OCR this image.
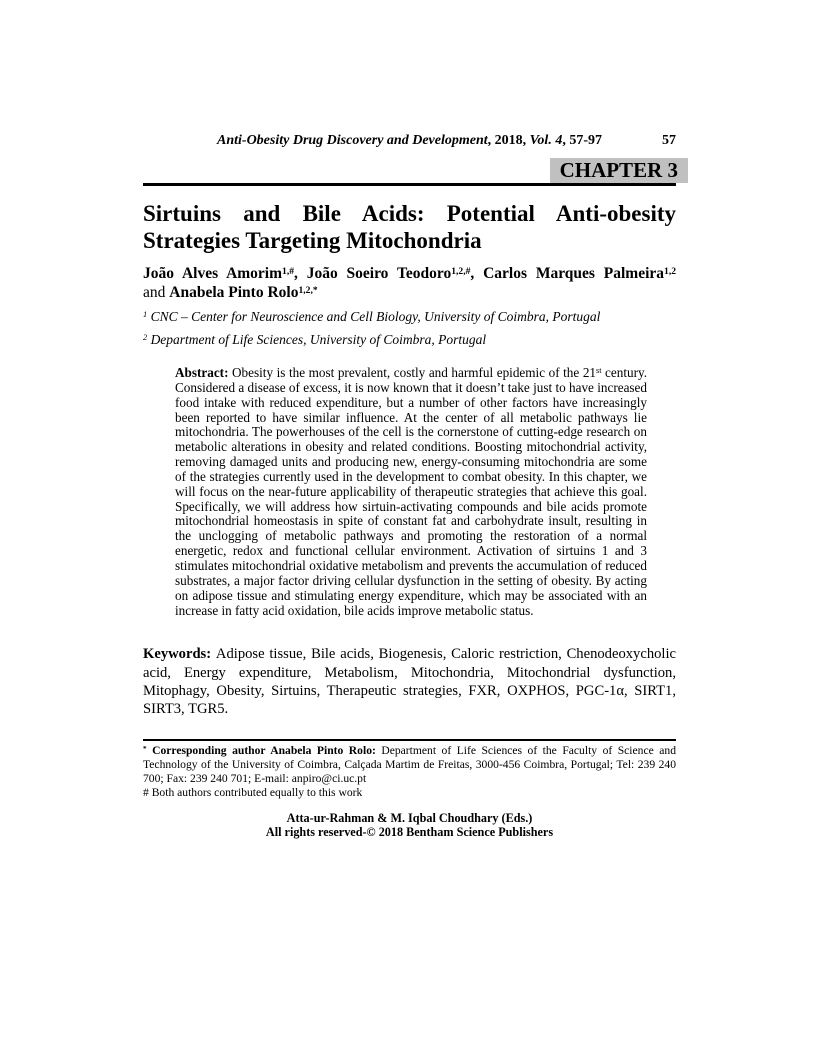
Anti-Obesity Drug Discovery and Development, 2018, Vol. 4, 57-97	57
CHAPTER 3
Sirtuins and Bile Acids: Potential Anti-obesity
Strategies Targeting Mitochondria
João Alves Amorim$^{1,\#}$, João Soeiro Teodoro$^{1,2,\#}$, Carlos Marques Palmeira$^{1,2}$
and Anabela Pinto Rolo$^{1,2,*}$
$^1$ CNC – Center for Neuroscience and Cell Biology, University of Coimbra, Portugal
$^2$ Department of Life Sciences, University of Coimbra, Portugal

Abstract: Obesity is the most prevalent, costly and harmful epidemic of the 21st century. Considered a disease of excess, it is now known that it doesn’t take just to have increased food intake with reduced expenditure, but a number of other factors have increasingly been reported to have similar influence. At the center of all metabolic pathways lie mitochondria. The powerhouses of the cell is the cornerstone of cutting-edge research on metabolic alterations in obesity and related conditions. Boosting mitochondrial activity, removing damaged units and producing new, energy-consuming mitochondria are some of the strategies currently used in the development to combat obesity. In this chapter, we will focus on the near-future applicability of therapeutic strategies that achieve this goal. Specifically, we will address how sirtuin-activating compounds and bile acids promote mitochondrial homeostasis in spite of constant fat and carbohydrate insult, resulting in the unclogging of metabolic pathways and promoting the restoration of a normal energetic, redox and functional cellular environment. Activation of sirtuins 1 and 3 stimulates mitochondrial oxidative metabolism and prevents the accumulation of reduced substrates, a major factor driving cellular dysfunction in the setting of obesity. By acting on adipose tissue and stimulating energy expenditure, which may be associated with an increase in fatty acid oxidation, bile acids improve metabolic status.

Keywords: Adipose tissue, Bile acids, Biogenesis, Caloric restriction, Chenodeoxycholic acid, Energy expenditure, Metabolism, Mitochondria, Mitochondrial dysfunction, Mitophagy, Obesity, Sirtuins, Therapeutic strategies, FXR, OXPHOS, PGC-1α, SIRT1, SIRT3, TGR5.

* Corresponding author Anabela Pinto Rolo: Department of Life Sciences of the Faculty of Science and Technology of the University of Coimbra, Calçada Martim de Freitas, 3000-456 Coimbra, Portugal; Tel: 239 240 700; Fax: 239 240 701; E-mail: anpiro@ci.uc.pt

# Both authors contributed equally to this work

Atta-ur-Rahman & M. Iqbal Choudhary (Eds.)
All rights reserved-© 2018 Bentham Science Publishers
